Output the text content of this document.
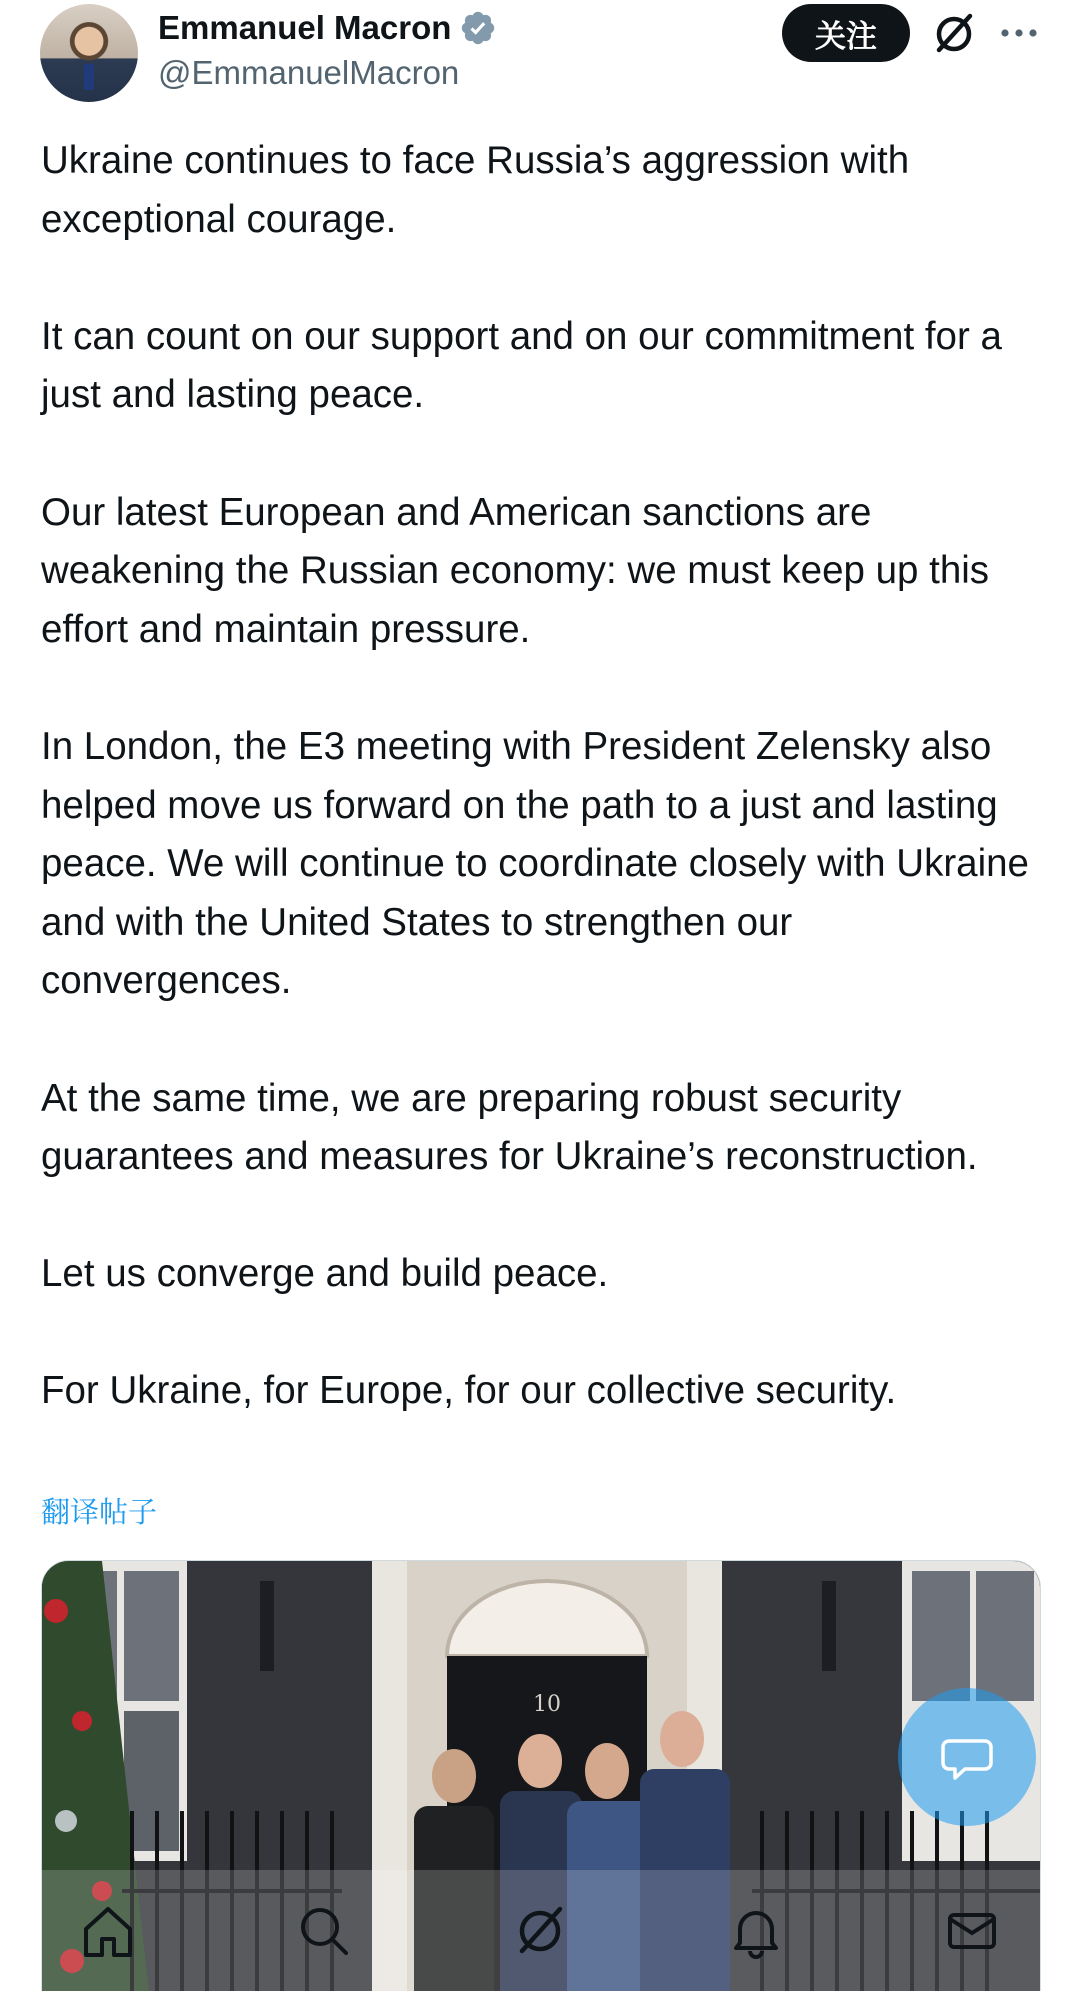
Emmanuel Macron
@EmmanuelMacron
关注

Ukraine continues to face Russia’s aggression with exceptional courage.

It can count on our support and on our commitment for a just and lasting peace.

Our latest European and American sanctions are weakening the Russian economy: we must keep up this effort and maintain pressure.

In London, the E3 meeting with President Zelensky also helped move us forward on the path to a just and lasting peace. We will continue to coordinate closely with Ukraine and with the United States to strengthen our convergences.

At the same time, we are preparing robust security guarantees and measures for Ukraine’s reconstruction.

Let us converge and build peace.

For Ukraine, for Europe, for our collective security.

翻译帖子
10
